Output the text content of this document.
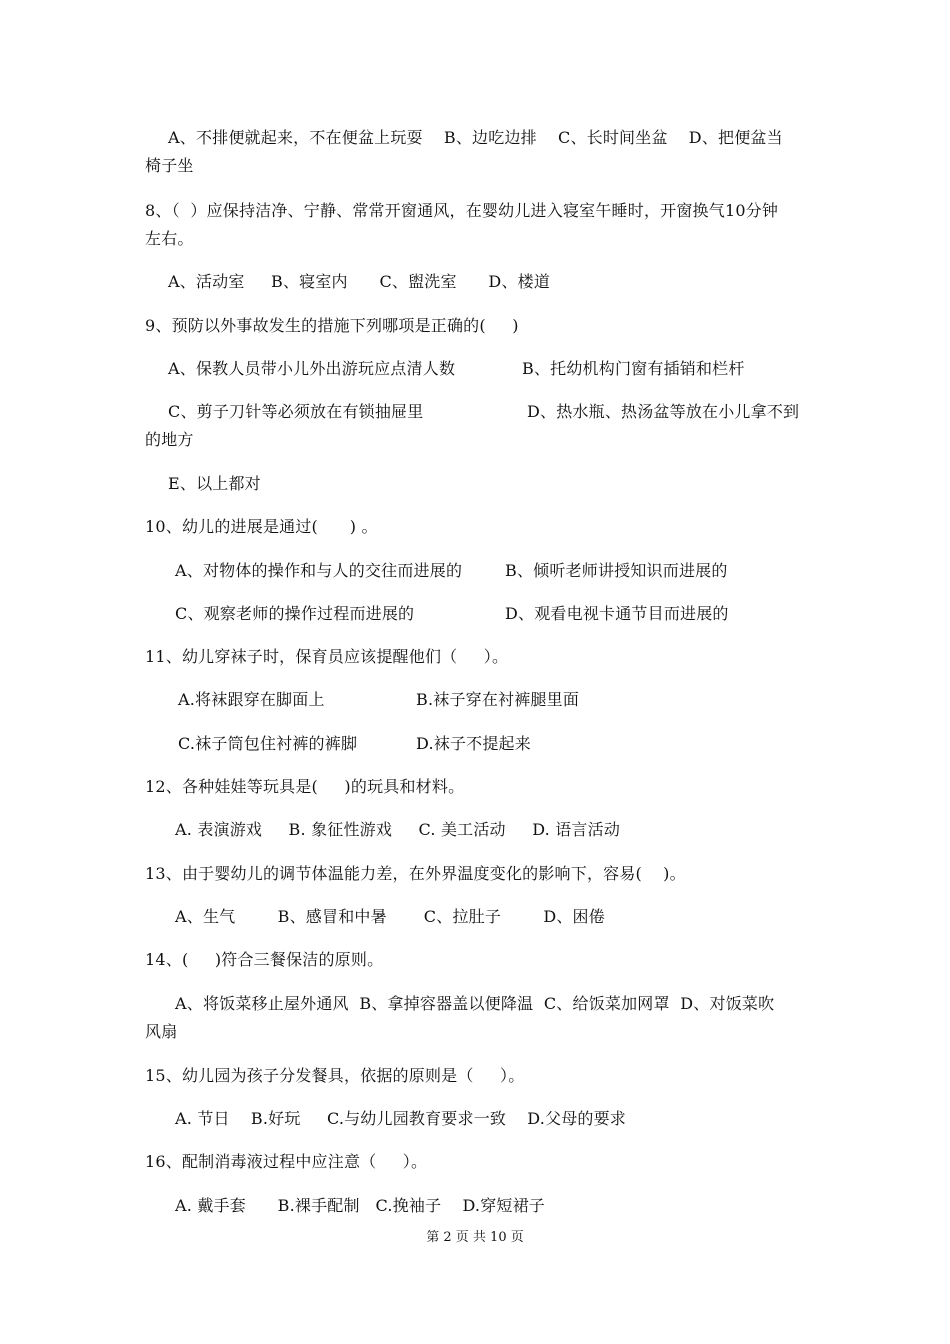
A、不排便就起来，不在便盆上玩耍    B、边吃边排    C、长时间坐盆    D、把便盆当
椅子坐
8、（  ）应保持洁净、宁静、常常开窗通风，在婴幼儿进入寝室午睡时，开窗换气10分钟
左右。
A、活动室     B、寝室内      C、盥洗室      D、楼道
9、预防以外事故发生的措施下列哪项是正确的(     )
A、保教人员带小儿外出游玩应点清人数	B、托幼机构门窗有插销和栏杆
C、剪子刀针等必须放在有锁抽屉里	D、热水瓶、热汤盆等放在小儿拿不到
的地方
E、以上都对
10、幼儿的进展是通过(      ) 。
A、对物体的操作和与人的交往而进展的	B、倾听老师讲授知识而进展的
C、观察老师的操作过程而进展的	D、观看电视卡通节目而进展的
11、幼儿穿袜子时，保育员应该提醒他们（     ）。
A.将袜跟穿在脚面上	B.袜子穿在衬裤腿里面
C.袜子筒包住衬裤的裤脚	D.袜子不提起来
12、各种娃娃等玩具是(     )的玩具和材料。
A. 表演游戏     B. 象征性游戏     C. 美工活动     D. 语言活动
13、由于婴幼儿的调节体温能力差，在外界温度变化的影响下，容易(    )。
A、生气        B、感冒和中暑       C、拉肚子        D、困倦
14、(     )符合三餐保洁的原则。
A、将饭菜移止屋外通风  B、拿掉容器盖以便降温  C、给饭菜加网罩  D、对饭菜吹
风扇
15、幼儿园为孩子分发餐具，依据的原则是（     ）。
A. 节日    B.好玩     C.与幼儿园教育要求一致    D.父母的要求
16、配制消毒液过程中应注意（     ）。
A. 戴手套      B.裸手配制   C.挽袖子    D.穿短裙子
第 2 页 共 10 页
